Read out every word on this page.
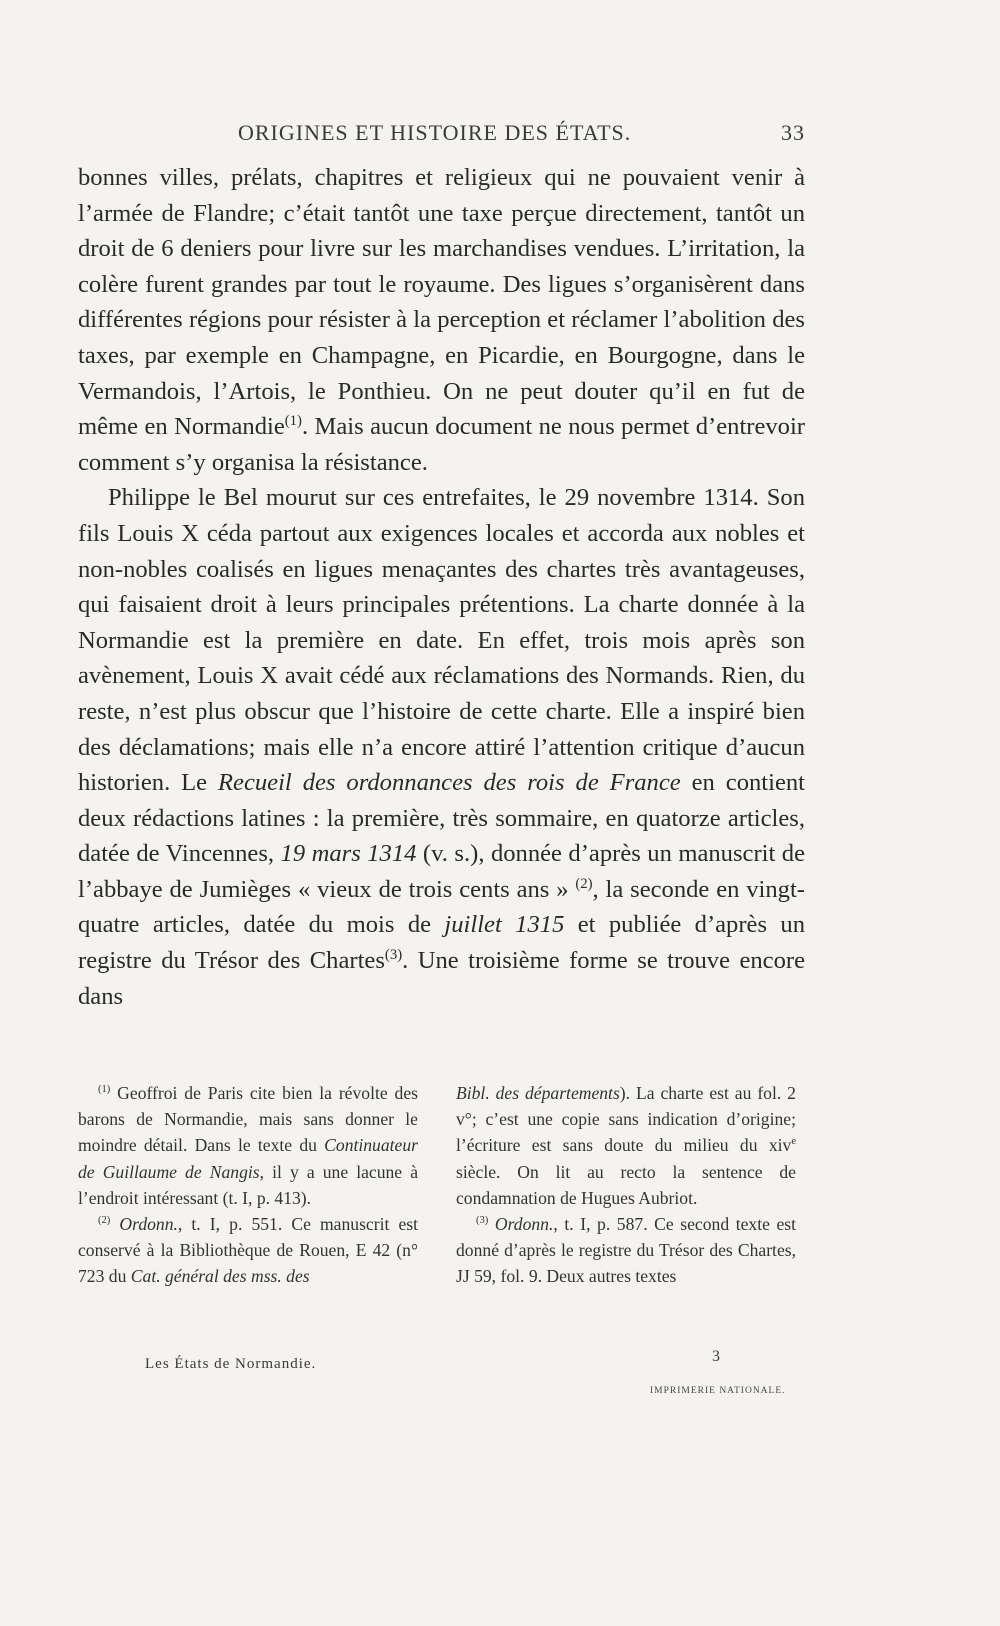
ORIGINES ET HISTOIRE DES ÉTATS.	33

bonnes villes, prélats, chapitres et religieux qui ne pouvaient venir à l’armée de Flandre; c’était tantôt une taxe perçue directement, tantôt un droit de 6 deniers pour livre sur les marchandises vendues. L’irritation, la colère furent grandes par tout le royaume. Des ligues s’organisèrent dans différentes régions pour résister à la perception et réclamer l’abolition des taxes, par exemple en Champagne, en Picardie, en Bourgogne, dans le Vermandois, l’Artois, le Ponthieu. On ne peut douter qu’il en fut de même en Normandie$^{(1)}$. Mais aucun document ne nous permet d’entrevoir comment s’y organisa la résistance.

Philippe le Bel mourut sur ces entrefaites, le 29 novembre 1314. Son fils Louis X céda partout aux exigences locales et accorda aux nobles et non-nobles coalisés en ligues menaçantes des chartes très avantageuses, qui faisaient droit à leurs principales prétentions. La charte donnée à la Normandie est la première en date. En effet, trois mois après son avènement, Louis X avait cédé aux réclamations des Normands. Rien, du reste, n’est plus obscur que l’histoire de cette charte. Elle a inspiré bien des déclamations; mais elle n’a encore attiré l’attention critique d’aucun historien. Le Recueil des ordonnances des rois de France en contient deux rédactions latines : la première, très sommaire, en quatorze articles, datée de Vincennes, 19 mars 1314 (v. s.), donnée d’après un manuscrit de l’abbaye de Jumièges « vieux de trois cents ans » $^{(2)}$, la seconde en vingt-quatre articles, datée du mois de juillet 1315 et publiée d’après un registre du Trésor des Chartes$^{(3)}$. Une troisième forme se trouve encore dans

$^{(1)}$ Geoffroi de Paris cite bien la révolte des barons de Normandie, mais sans donner le moindre détail. Dans le texte du Continuateur de Guillaume de Nangis, il y a une lacune à l’endroit intéressant (t. I, p. 413).

$^{(2)}$ Ordonn., t. I, p. 551. Ce manuscrit est conservé à la Bibliothèque de Rouen, E 42 (n° 723 du Cat. général des mss. des

Bibl. des départements). La charte est au fol. 2 v°; c’est une copie sans indication d’origine; l’écriture est sans doute du milieu du xiv$^e$ siècle. On lit au recto la sentence de condamnation de Hugues Aubriot.

$^{(3)}$ Ordonn., t. I, p. 587. Ce second texte est donné d’après le registre du Trésor des Chartes, JJ 59, fol. 9. Deux autres textes

Les États de Normandie.	3
IMPRIMERIE NATIONALE.
